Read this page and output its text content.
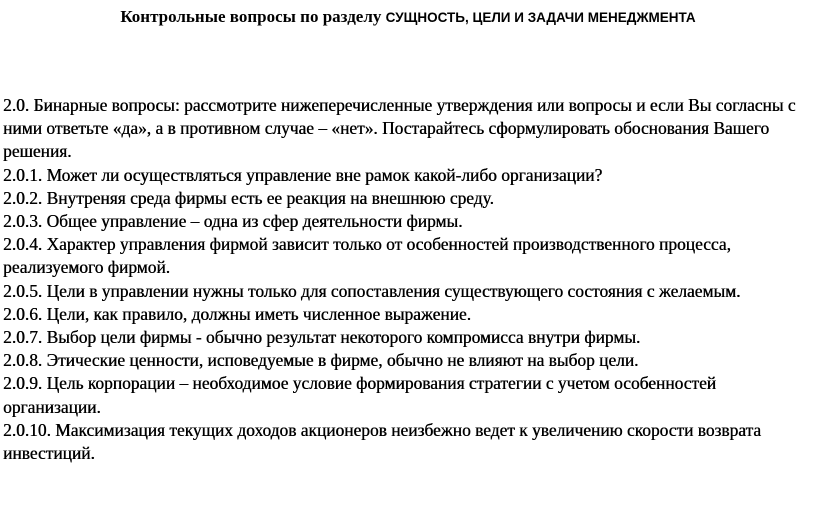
Контрольные вопросы по разделу СУЩНОСТЬ, ЦЕЛИ И ЗАДАЧИ МЕНЕДЖМЕНТА

2.0. Бинарные вопросы: рассмотрите нижеперечисленные утверждения или вопросы и если Вы согласны с ними ответьте «да», а в противном случае – «нет». Постарайтесь сформулировать обоснования Вашего решения.

2.0.1. Может ли осуществляться управление вне рамок какой-либо организации?

2.0.2. Внутреняя среда фирмы есть ее реакция на внешнюю среду.

2.0.3. Общее управление – одна из сфер деятельности фирмы.

2.0.4. Характер управления фирмой зависит только от особенностей производственного процесса, реализуемого фирмой.

2.0.5. Цели в управлении нужны только для сопоставления существующего состояния с желаемым.

2.0.6. Цели, как правило, должны иметь численное выражение.

2.0.7. Выбор цели фирмы - обычно результат некоторого компромисса внутри фирмы.

2.0.8. Этические ценности, исповедуемые в фирме, обычно не влияют на выбор цели.

2.0.9. Цель корпорации – необходимое условие формирования стратегии с учетом особенностей организации.

2.0.10. Максимизация текущих доходов акционеров неизбежно ведет к увеличению скорости возврата инвестиций.
